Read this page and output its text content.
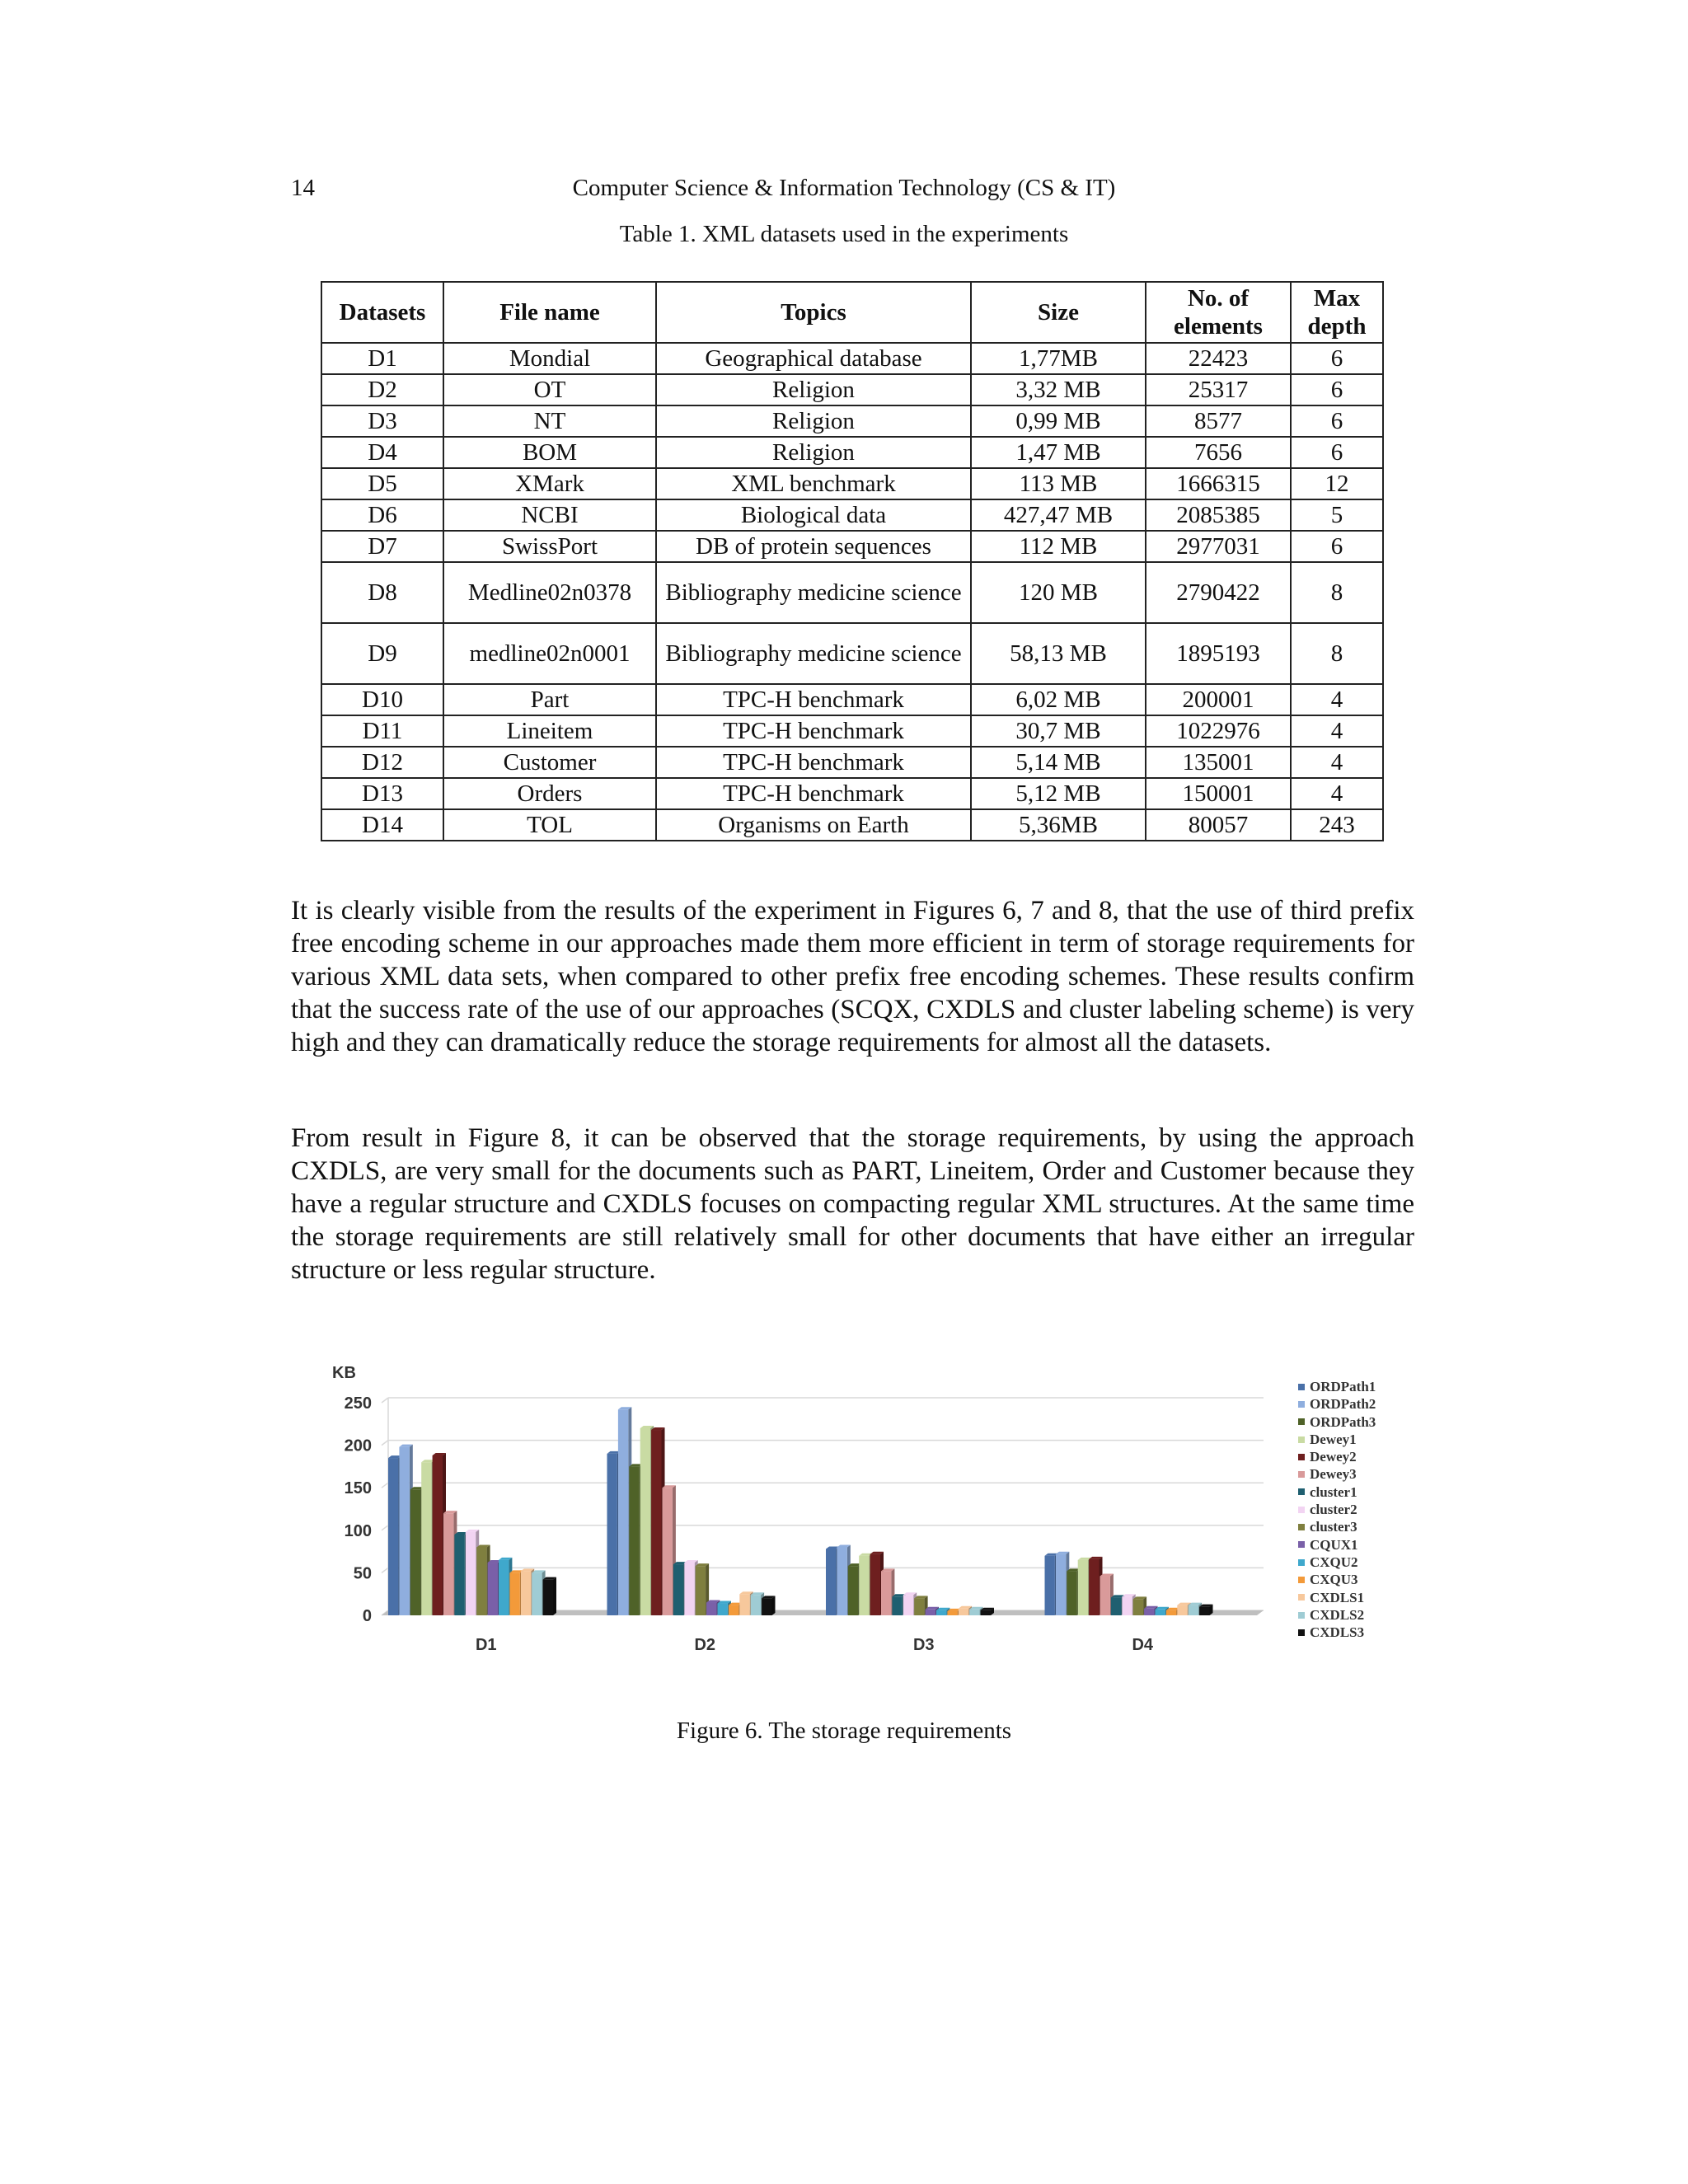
14	Computer Science & Information Technology (CS & IT)
Table 1. XML datasets used in the experiments
Datasets	File name	Topics	Size	No. of elements	Max depth
D1	Mondial	Geographical database	1,77MB	22423	6
D2	OT	Religion	3,32 MB	25317	6
D3	NT	Religion	0,99 MB	8577	6
D4	BOM	Religion	1,47 MB	7656	6
D5	XMark	XML benchmark	113 MB	1666315	12
D6	NCBI	Biological data	427,47 MB	2085385	5
D7	SwissPort	DB of protein sequences	112 MB	2977031	6
D8	Medline02n0378	Bibliography medicine science	120 MB	2790422	8
D9	medline02n0001	Bibliography medicine science	58,13 MB	1895193	8
D10	Part	TPC-H benchmark	6,02 MB	200001	4
D11	Lineitem	TPC-H benchmark	30,7 MB	1022976	4
D12	Customer	TPC-H benchmark	5,14 MB	135001	4
D13	Orders	TPC-H benchmark	5,12 MB	150001	4
D14	TOL	Organisms on Earth	5,36MB	80057	243

It is clearly visible from the results of the experiment in Figures 6, 7 and 8, that the use of third prefix free encoding scheme in our approaches made them more efficient in term of storage requirements for various XML data sets, when compared to other prefix free encoding schemes. These results confirm that the success rate of the use of our approaches (SCQX, CXDLS and cluster labeling scheme) is very high and they can dramatically reduce the storage requirements for almost all the datasets.

From result in Figure 8, it can be observed that the storage requirements, by using the approach CXDLS, are very small for the documents such as PART, Lineitem, Order and Customer because they have a regular structure and CXDLS focuses on compacting regular XML structures. At the same time the storage requirements are still relatively small for other documents that have either an irregular structure or less regular structure.

0
50
100
150
200
250
KB
D1	D2	D3	D4
ORDPath1
ORDPath2
ORDPath3
Dewey1
Dewey2
Dewey3
cluster1
cluster2
cluster3
CQUX1
CXQU2
CXQU3
CXDLS1
CXDLS2
CXDLS3
Figure 6. The storage requirements
